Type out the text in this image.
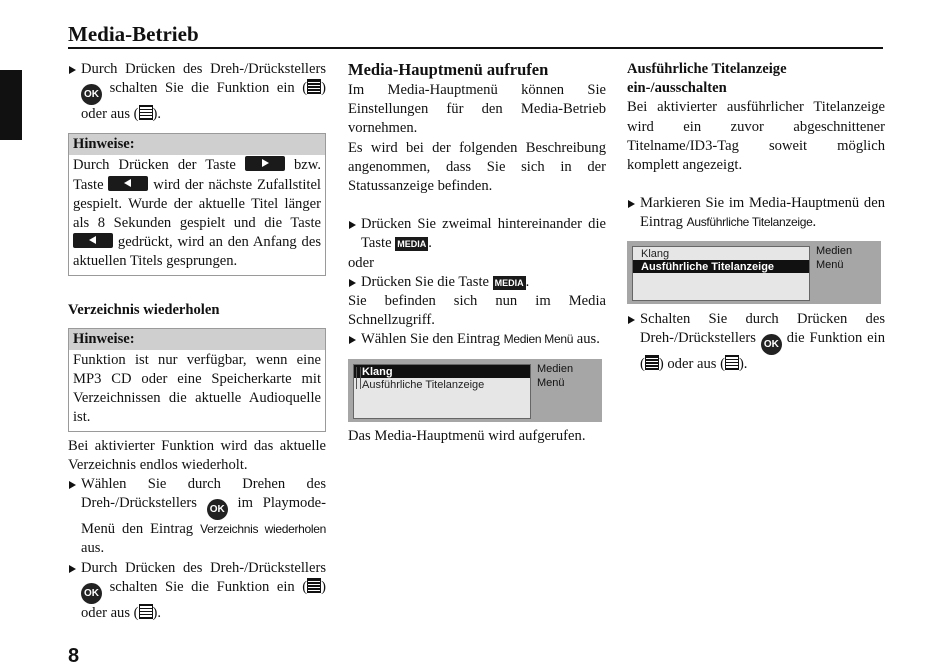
Media-Betrieb

Durch Drücken des Dreh-/Drückstellers OK schalten Sie die Funktion ein ( ) oder aus ( ).

Hinweise:
Durch Drücken der Taste	bzw. Taste	wird der nächste Zufallstitel gespielt. Wurde der aktuelle Titel länger als 8 Sekunden gespielt und die Taste  gedrückt, wird an den Anfang des aktuellen Titels gesprungen.

Verzeichnis wiederholen

Hinweise:
Funktion ist nur verfügbar, wenn eine MP3 CD oder eine Speicherkarte mit Verzeichnissen die aktuelle Audioquelle ist.

Bei aktivierter Funktion wird das aktuelle Verzeichnis endlos wiederholt.

Wählen Sie durch Drehen des Dreh-/Drückstellers OK im Playmode-Menü den Eintrag Verzeichnis wiederholen aus.

Durch Drücken des Dreh-/Drückstellers OK schalten Sie die Funktion ein ( ) oder aus ( ).

Media-Hauptmenü aufrufen

Im Media-Hauptmenü können Sie Einstellungen für den Media-Betrieb vornehmen.

Es wird bei der folgenden Beschreibung angenommen, dass Sie sich in der Statussanzeige befinden.

Drücken Sie zweimal hintereinander die Taste MEDIA .

oder

Drücken Sie die Taste MEDIA .

Sie befinden sich nun im Media Schnellzugriff.

Wählen Sie den Eintrag Medien Menü aus.

Klang
Ausführliche Titelanzeige
Medien
Menü

Das Media-Hauptmenü wird aufgerufen.

Ausführliche Titelanzeige ein-/ausschalten

Bei aktivierter ausführlicher Titelanzeige wird ein zuvor abgeschnittener Titelname/ID3-Tag soweit möglich komplett angezeigt.

Markieren Sie im Media-Hauptmenü den Eintrag Ausführliche Titelanzeige.

Klang
Ausführliche Titelanzeige
Medien
Menü

Schalten Sie durch Drücken des Dreh-/Drückstellers OK die Funktion ein ( ) oder aus ( ).

8
